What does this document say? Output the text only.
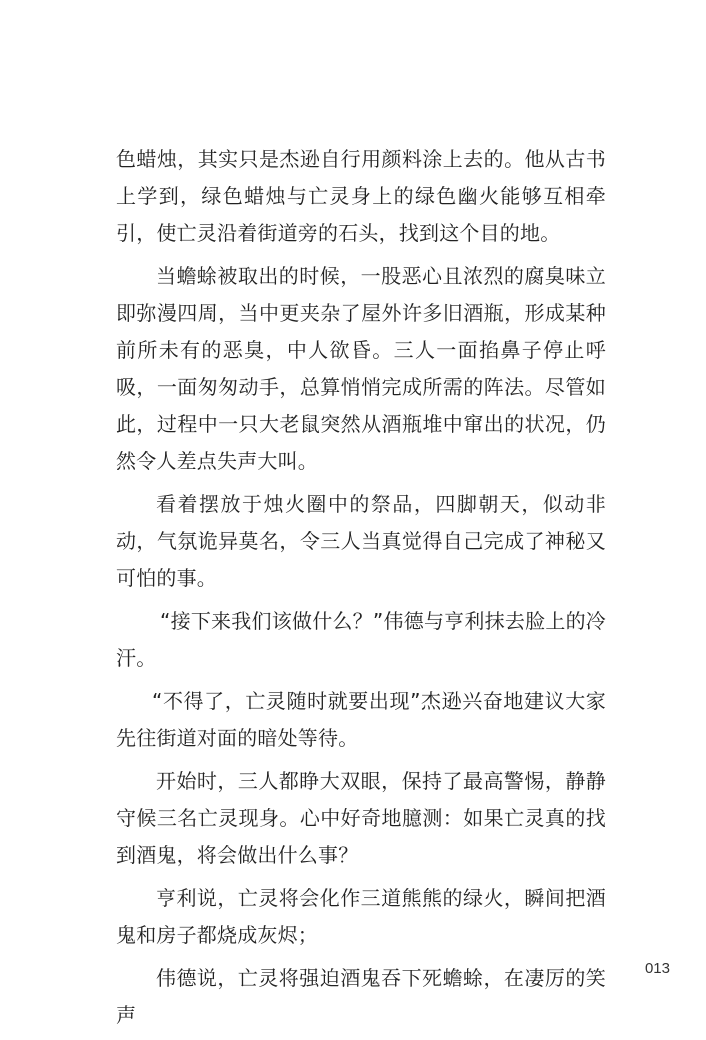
色蜡烛，其实只是杰逊自行用颜料涂上去的。他从古书上学到，绿色蜡烛与亡灵身上的绿色幽火能够互相牵引，使亡灵沿着街道旁的石头，找到这个目的地。

当蟾蜍被取出的时候，一股恶心且浓烈的腐臭味立即弥漫四周，当中更夹杂了屋外许多旧酒瓶，形成某种前所未有的恶臭，中人欲昏。三人一面掐鼻子停止呼吸，一面匆匆动手，总算悄悄完成所需的阵法。尽管如此，过程中一只大老鼠突然从酒瓶堆中窜出的状况，仍然令人差点失声大叫。

看着摆放于烛火圈中的祭品，四脚朝天，似动非动，气氛诡异莫名，令三人当真觉得自己完成了神秘又可怕的事。

“接下来我们该做什么？”伟德与亨利抹去脸上的冷汗。

“不得了，亡灵随时就要出现”杰逊兴奋地建议大家先往街道对面的暗处等待。

开始时，三人都睁大双眼，保持了最高警惕，静静守候三名亡灵现身。心中好奇地臆测：如果亡灵真的找到酒鬼，将会做出什么事？

亨利说，亡灵将会化作三道熊熊的绿火，瞬间把酒鬼和房子都烧成灰烬；

伟德说，亡灵将强迫酒鬼吞下死蟾蜍，在凄厉的笑声

013
